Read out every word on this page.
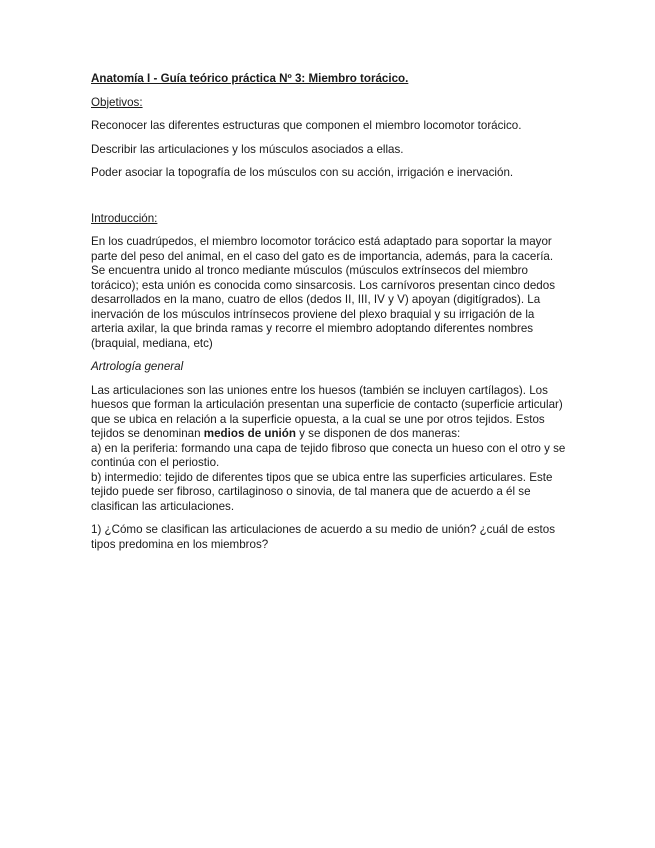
Anatomía I - Guía teórico práctica Nº 3: Miembro torácico.

Objetivos:

Reconocer las diferentes estructuras que componen el miembro locomotor torácico.

Describir las articulaciones y los músculos asociados a ellas.

Poder asociar la topografía de los músculos con su acción, irrigación e inervación.

Introducción:

En los cuadrúpedos, el miembro locomotor torácico está adaptado para soportar la mayor parte del peso del animal, en el caso del gato es de importancia, además, para la cacería. Se encuentra unido al tronco mediante músculos (músculos extrínsecos del miembro torácico); esta unión es conocida como sinsarcosis. Los carnívoros presentan cinco dedos desarrollados en la mano, cuatro de ellos (dedos II, III, IV y V) apoyan (digitígrados). La inervación de los músculos intrínsecos proviene del plexo braquial y su irrigación de la arteria axilar, la que brinda ramas y recorre el miembro adoptando diferentes nombres (braquial, mediana, etc)

Artrología general

Las articulaciones son las uniones entre los huesos (también se incluyen cartílagos). Los huesos que forman la articulación presentan una superficie de contacto (superficie articular) que se ubica en relación a la superficie opuesta, a la cual se une por otros tejidos. Estos tejidos se denominan medios de unión y se disponen de dos maneras:
a) en la periferia: formando una capa de tejido fibroso que conecta un hueso con el otro y se continúa con el periostio.
b) intermedio: tejido de diferentes tipos que se ubica entre las superficies articulares. Este tejido puede ser fibroso, cartilaginoso o sinovia, de tal manera que de acuerdo a él se clasifican las articulaciones.

1) ¿Cómo se clasifican las articulaciones de acuerdo a su medio de unión? ¿cuál de estos tipos predomina en los miembros?
